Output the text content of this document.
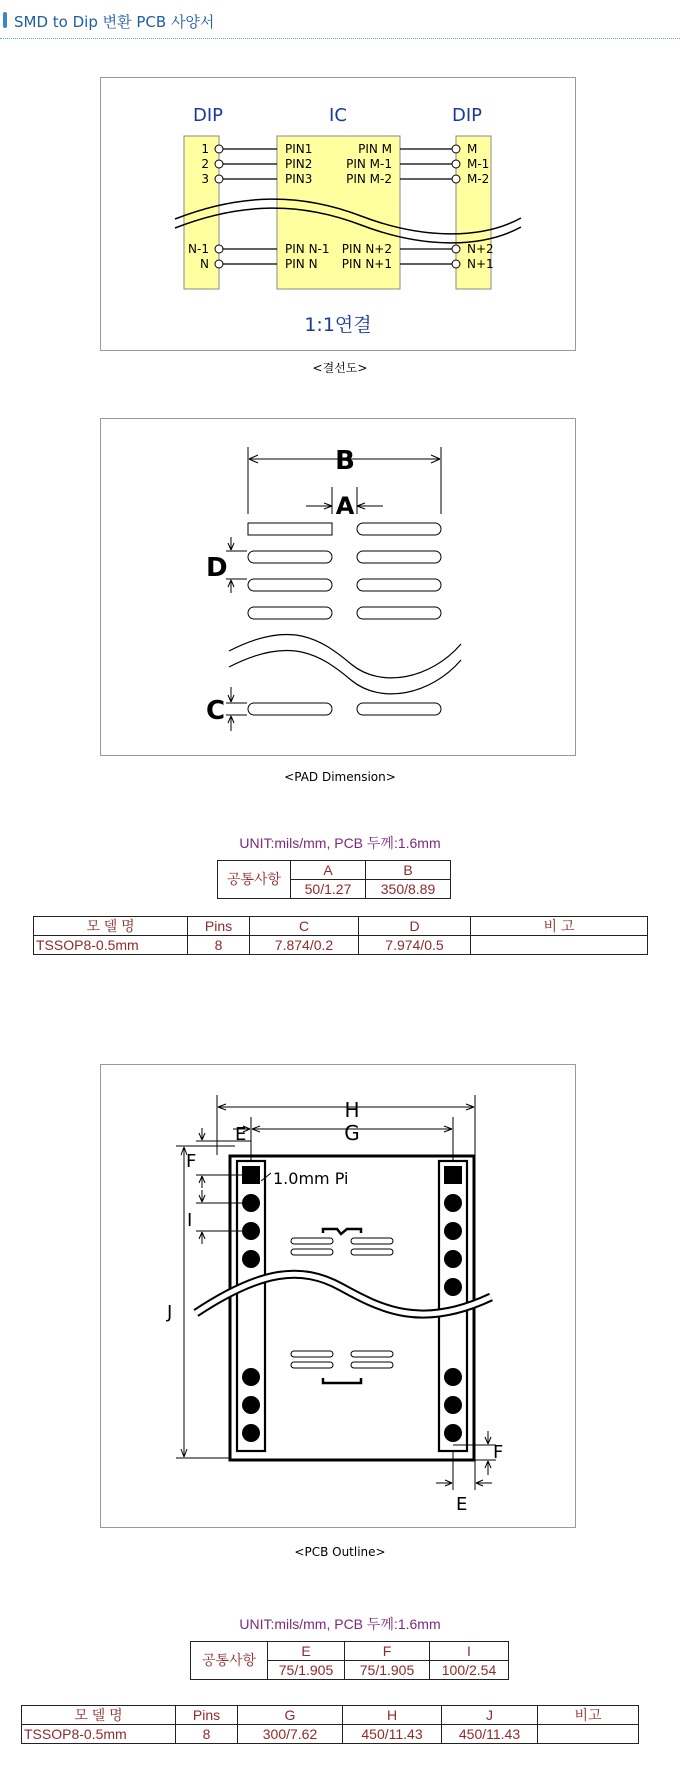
SMD to Dip 변환 PCB 사양서
DIP	IC	DIP
1
2
3
N-1
N
PIN1
PIN2
PIN3
PIN N-1
PIN N
PIN M
PIN M-1
PIN M-2
PIN N+2
PIN N+1
M
M-1
M-2
N+2
N+1
1:1연결
<결선도>
B
A
D
C
<PAD Dimension>
UNIT:mils/mm, PCB 두께:1.6mm
공통사항	A	B
	50/1.27	350/8.89
모 델 명	Pins	C	D	비 고
TSSOP8-0.5mm	8	7.874/0.2	7.974/0.5	
H
G
E
F
I
J
F
E
1.0mm Pi
<PCB Outline>
UNIT:mils/mm, PCB 두께:1.6mm
공통사항	E	F	I
	75/1.905	75/1.905	100/2.54
모 델 명	Pins	G	H	J	비고
TSSOP8-0.5mm	8	300/7.62	450/11.43	450/11.43	
